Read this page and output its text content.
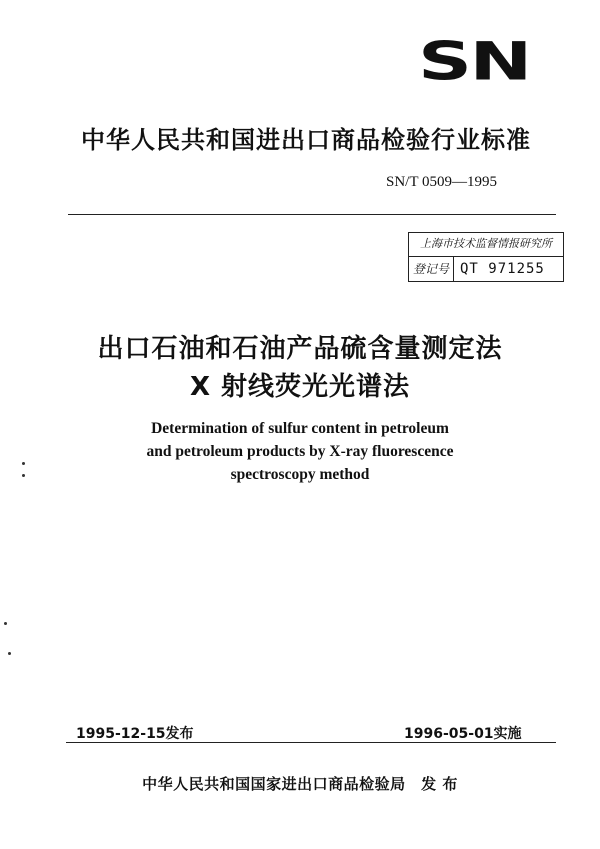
SN
中华人民共和国进出口商品检验行业标准
SN/T 0509—1995
上海市技术监督情报研究所
登记号 QT 971255
出口石油和石油产品硫含量测定法
X 射线荧光光谱法
Determination of sulfur content in petroleum
and petroleum products by X-ray fluorescence
spectroscopy method
1995-12-15发布	1996-05-01实施
中华人民共和国国家进出口商品检验局　发 布
